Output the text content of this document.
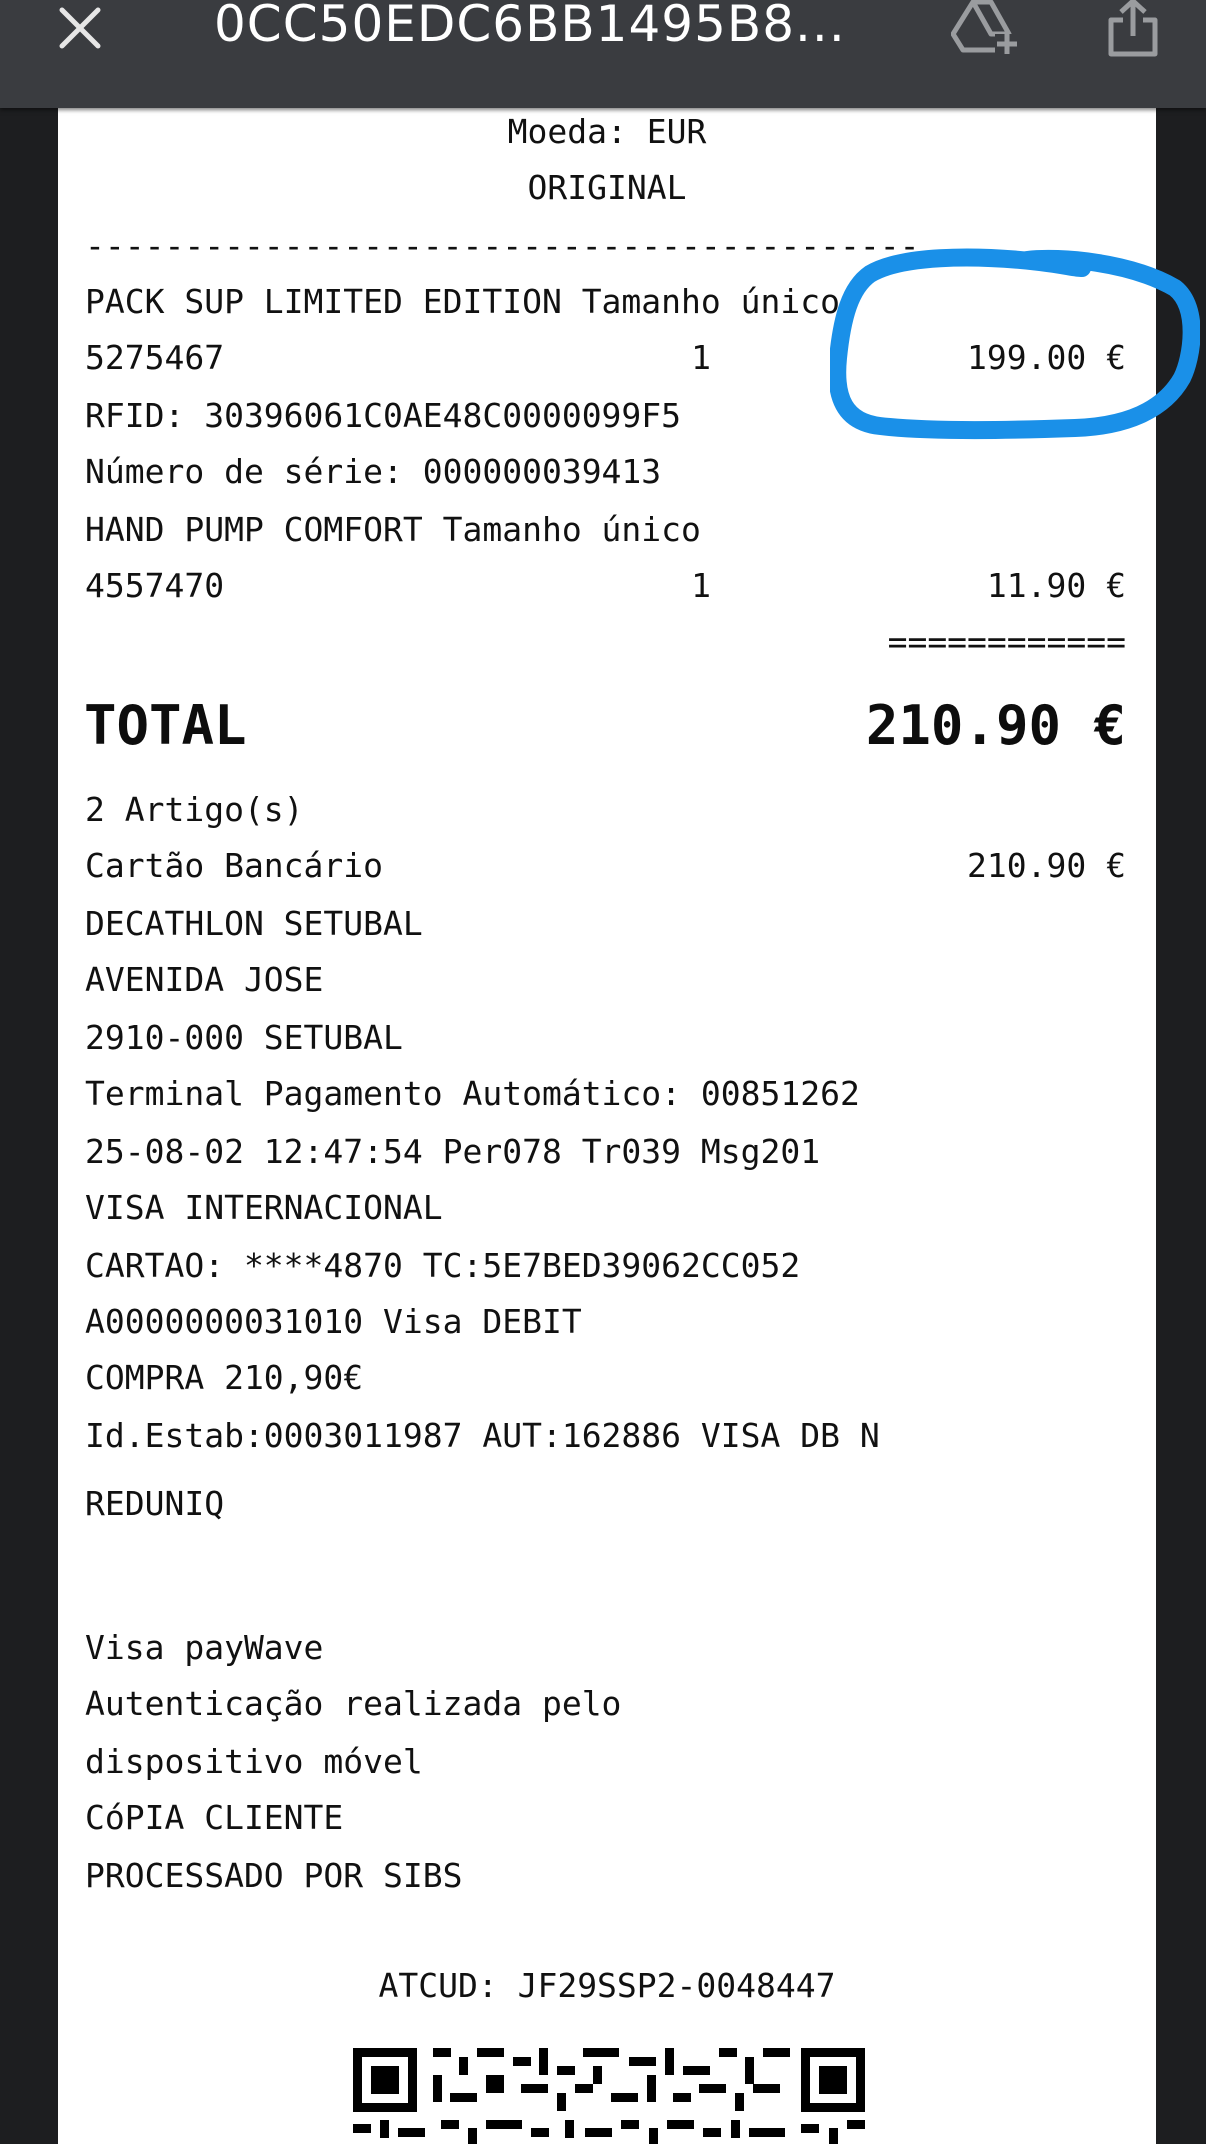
0CC50EDC6BB1495B8...
Moeda: EUR
ORIGINAL
------------------------------------------
PACK SUP LIMITED EDITION Tamanho único
5275467	1	199.00 €
RFID: 30396061C0AE48C0000099F5
Número de série: 000000039413
HAND PUMP COMFORT Tamanho único
4557470	1	11.90 €
============
TOTAL	210.90 €
2 Artigo(s)
Cartão Bancário	210.90 €
DECATHLON SETUBAL
AVENIDA JOSE
2910-000 SETUBAL
Terminal Pagamento Automático: 00851262
25-08-02 12:47:54 Per078 Tr039 Msg201
VISA INTERNACIONAL
CARTAO: ****4870 TC:5E7BED39062CC052
A0000000031010 Visa DEBIT
COMPRA 210,90€
Id.Estab:0003011987 AUT:162886 VISA DB N
REDUNIQ
Visa payWave
Autenticação realizada pelo
dispositivo móvel
CóPIA CLIENTE
PROCESSADO POR SIBS
ATCUD: JF29SSP2-0048447
